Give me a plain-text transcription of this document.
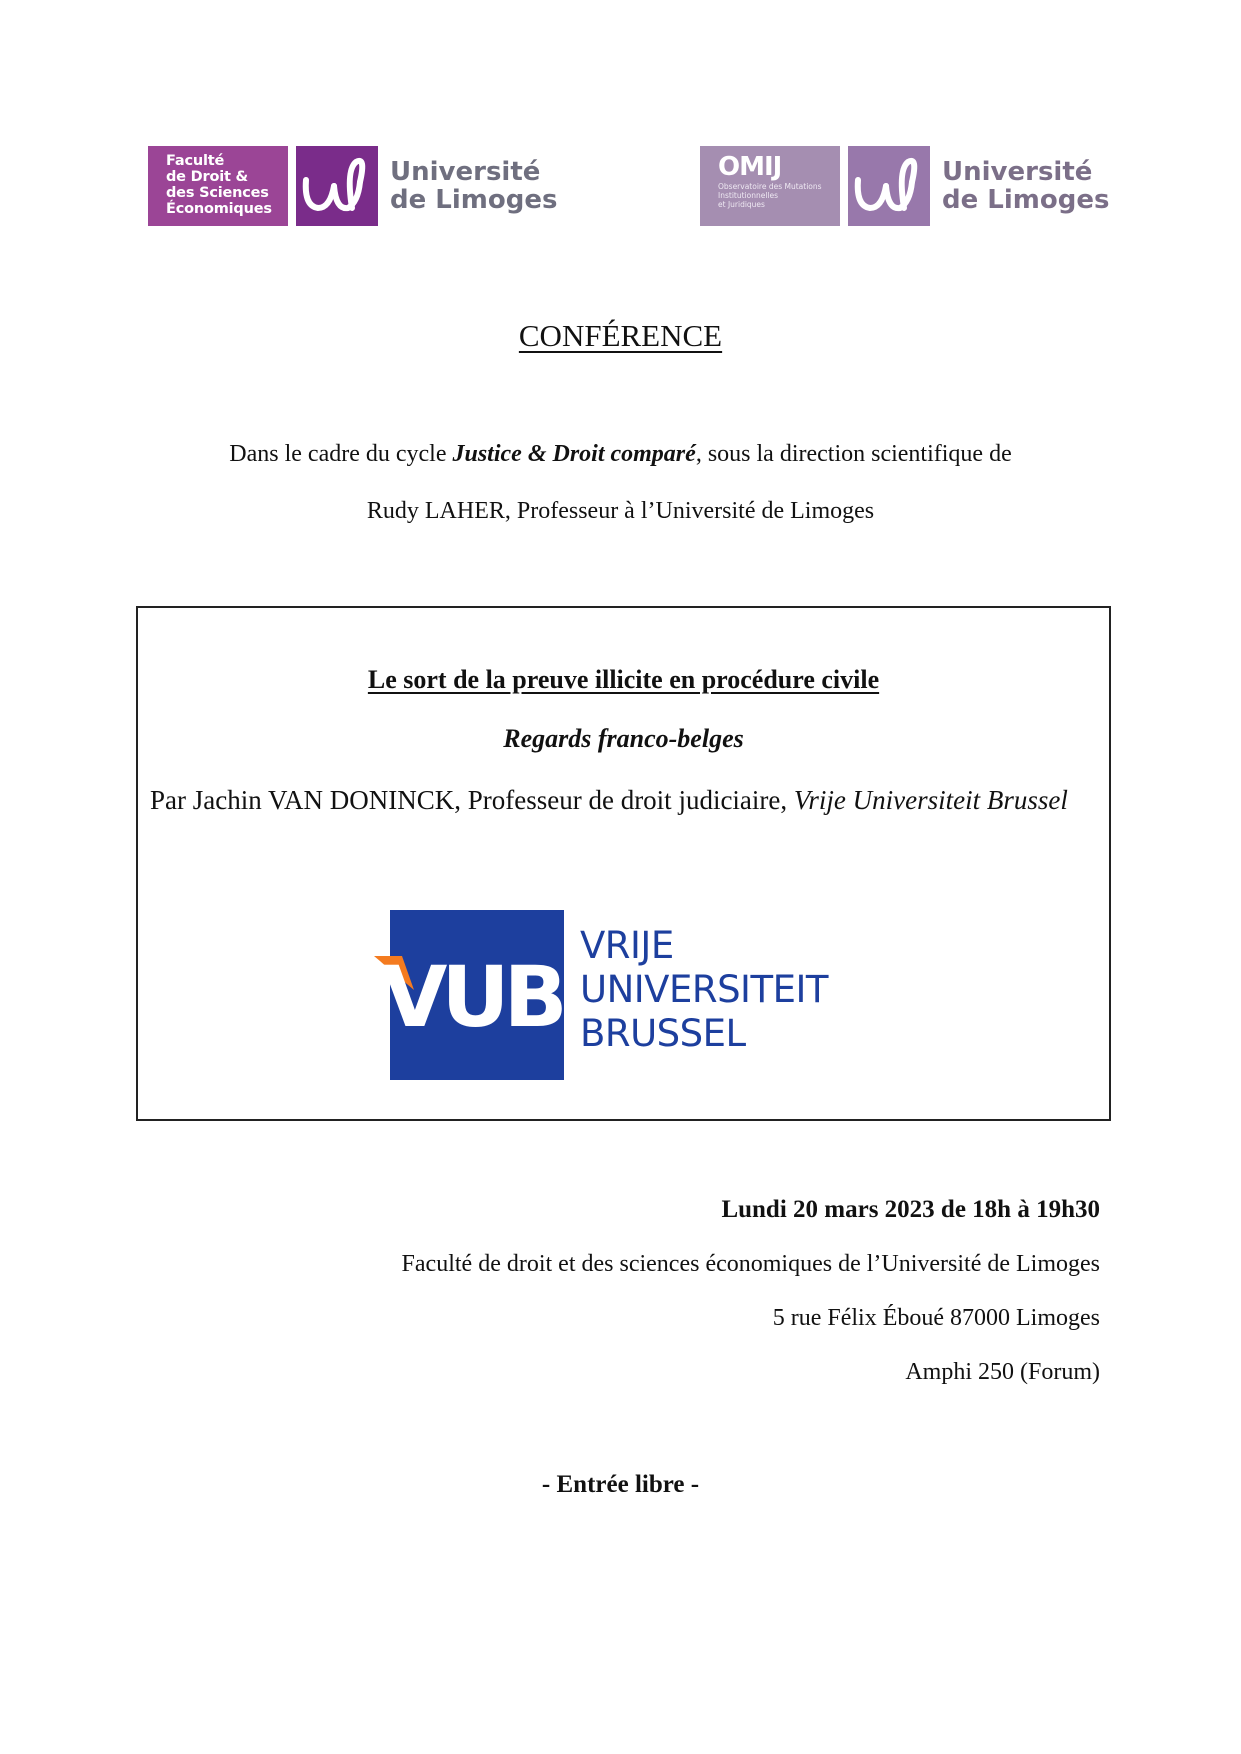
Faculté
de Droit &
des Sciences
Économiques
Université
de Limoges
OMIJ
Observatoire des Mutations
Institutionnelles
et Juridiques
Université
de Limoges
CONFÉRENCE
Dans le cadre du cycle Justice & Droit comparé, sous la direction scientifique de
Rudy LAHER, Professeur à l’Université de Limoges
Le sort de la preuve illicite en procédure civile
Regards franco-belges
Par Jachin VAN DONINCK, Professeur de droit judiciaire, Vrije Universiteit Brussel
VUB
VRIJE
UNIVERSITEIT
BRUSSEL
Lundi 20 mars 2023 de 18h à 19h30
Faculté de droit et des sciences économiques de l’Université de Limoges
5 rue Félix Éboué 87000 Limoges
Amphi 250 (Forum)
- Entrée libre -
